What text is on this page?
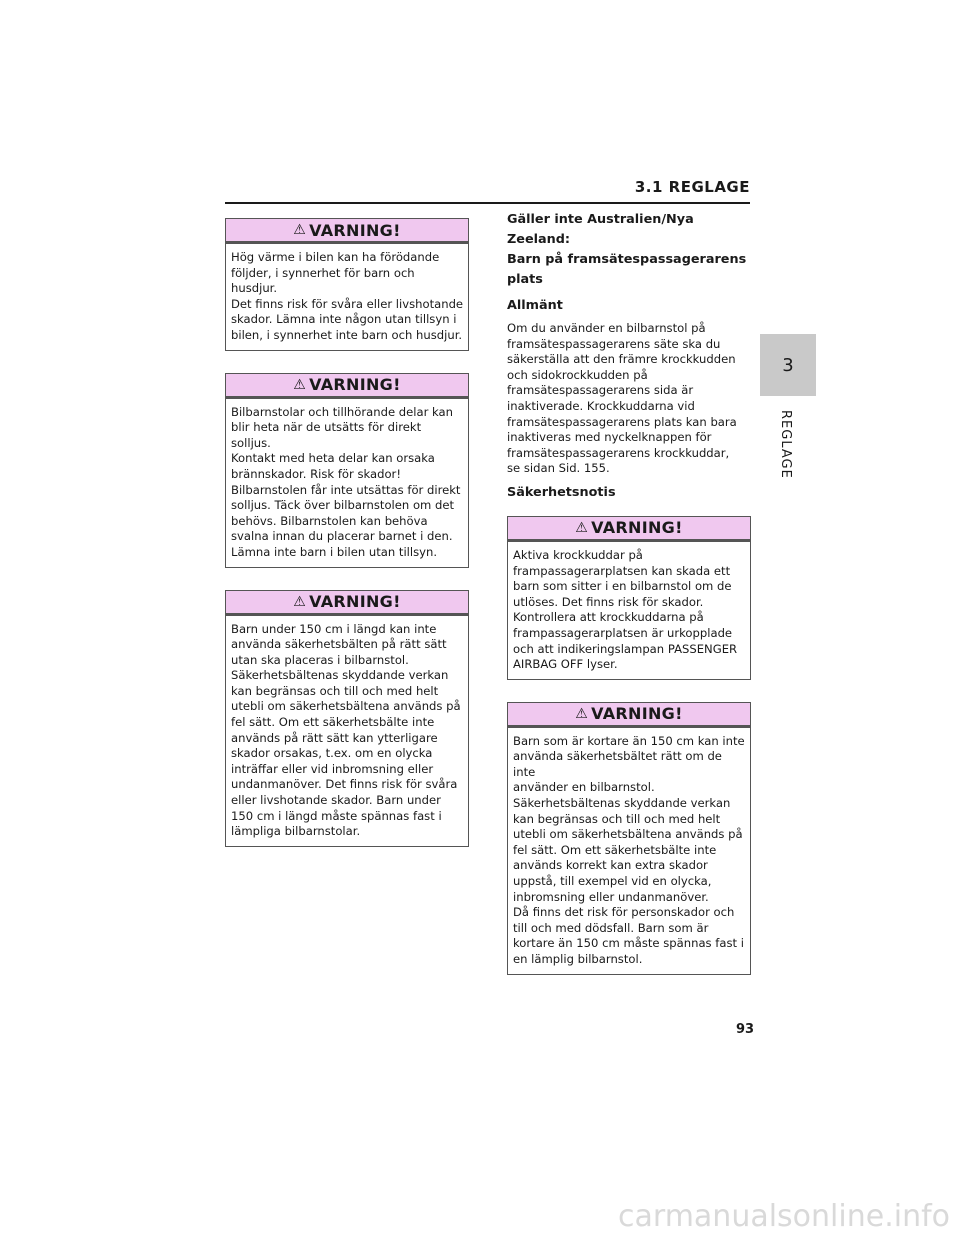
3.1 REGLAGE
3
REGLAGE
⚠ VARNING!
Hög värme i bilen kan ha förödande
följder, i synnerhet för barn och husdjur.
Det finns risk för svåra eller livshotande
skador. Lämna inte någon utan tillsyn i
bilen, i synnerhet inte barn och husdjur.
⚠ VARNING!
Bilbarnstolar och tillhörande delar kan
blir heta när de utsätts för direkt solljus.
Kontakt med heta delar kan orsaka
brännskador. Risk för skador!
Bilbarnstolen får inte utsättas för direkt
solljus. Täck över bilbarnstolen om det
behövs. Bilbarnstolen kan behöva
svalna innan du placerar barnet i den.
Lämna inte barn i bilen utan tillsyn.
⚠ VARNING!
Barn under 150 cm i längd kan inte
använda säkerhetsbälten på rätt sätt
utan ska placeras i bilbarnstol.
Säkerhetsbältenas skyddande verkan
kan begränsas och till och med helt
utebli om säkerhetsbältena används på
fel sätt. Om ett säkerhetsbälte inte
används på rätt sätt kan ytterligare
skador orsakas, t.ex. om en olycka
inträffar eller vid inbromsning eller
undanmanöver. Det finns risk för svåra
eller livshotande skador. Barn under
150 cm i längd måste spännas fast i
lämpliga bilbarnstolar.
Gäller inte Australien/Nya Zeeland:
Barn på framsätespassagerarens plats
Allmänt
Om du använder en bilbarnstol på
framsätespassagerarens säte ska du
säkerställa att den främre krockkudden
och sidokrockkudden på
framsätespassagerarens sida är
inaktiverade. Krockkuddarna vid
framsätespassagerarens plats kan bara
inaktiveras med nyckelknappen för
framsätespassagerarens krockkuddar,
se sidan Sid. 155.
Säkerhetsnotis
⚠ VARNING!
Aktiva krockkuddar på
frampassagerarplatsen kan skada ett
barn som sitter i en bilbarnstol om de
utlöses. Det finns risk för skador.
Kontrollera att krockkuddarna på
frampassagerarplatsen är urkopplade
och att indikeringslampan PASSENGER
AIRBAG OFF lyser.
⚠ VARNING!
Barn som är kortare än 150 cm kan inte
använda säkerhetsbältet rätt om de inte
använder en bilbarnstol.
Säkerhetsbältenas skyddande verkan
kan begränsas och till och med helt
utebli om säkerhetsbältena används på
fel sätt. Om ett säkerhetsbälte inte
används korrekt kan extra skador
uppstå, till exempel vid en olycka,
inbromsning eller undanmanöver.
Då finns det risk för personskador och
till och med dödsfall. Barn som är
kortare än 150 cm måste spännas fast i
en lämplig bilbarnstol.
93
carmanualsonline.info
